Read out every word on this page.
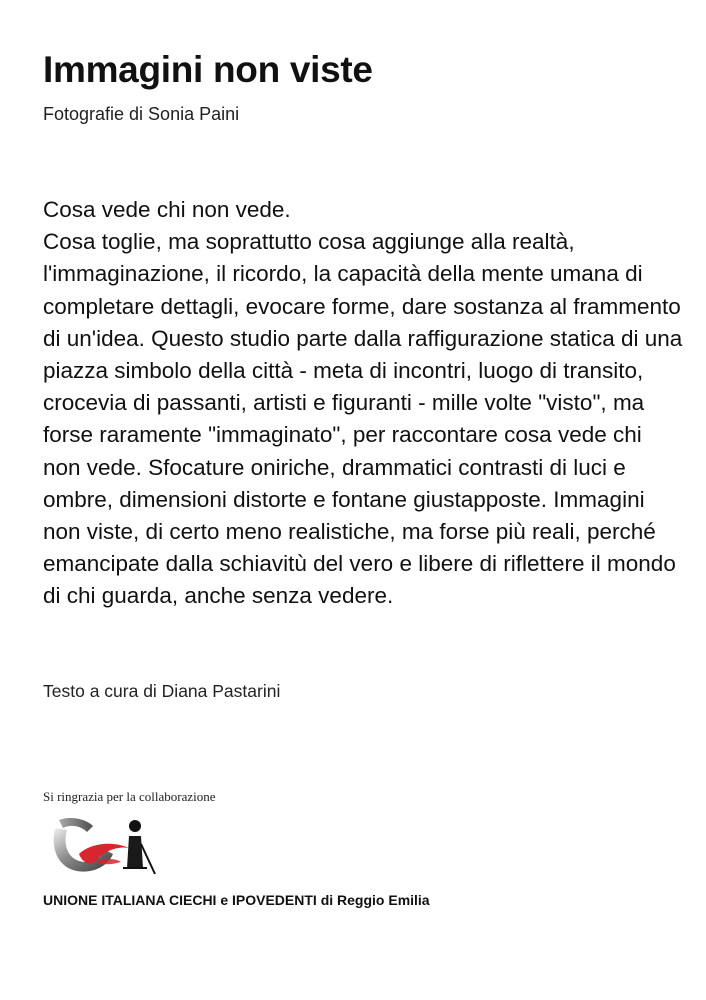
Immagini non viste
Fotografie di Sonia Paini

Cosa vede chi non vede.

Cosa toglie, ma soprattutto cosa aggiunge alla realtà, l'immaginazione, il ricordo, la capacità della mente umana di completare dettagli, evocare forme, dare sostanza al frammento di un'idea. Questo studio parte dalla raffigurazione statica di una piazza simbolo della città - meta di incontri, luogo di transito, crocevia di passanti, artisti e figuranti - mille volte "visto", ma forse raramente "immaginato", per raccontare cosa vede chi non vede. Sfocature oniriche, drammatici contrasti di luci e ombre, dimensioni distorte e fontane giustapposte. Immagini non viste, di certo meno realistiche, ma forse più reali, perché emancipate dalla schiavitù del vero e libere di riflettere il mondo di chi guarda, anche senza vedere.

Testo a cura di Diana Pastarini
Si ringrazia per la collaborazione
UNIONE ITALIANA CIECHI e IPOVEDENTI di Reggio Emilia
